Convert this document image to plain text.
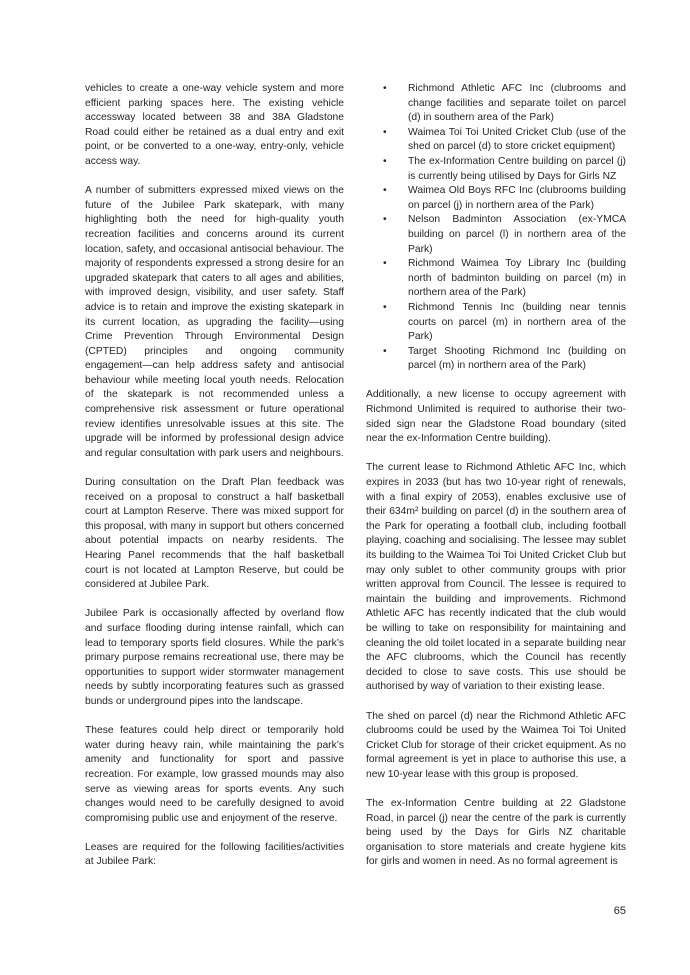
vehicles to create a one-way vehicle system and more efficient parking spaces here. The existing vehicle accessway located between 38 and 38A Gladstone Road could either be retained as a dual entry and exit point, or be converted to a one-way, entry-only, vehicle access way.

A number of submitters expressed mixed views on the future of the Jubilee Park skatepark, with many highlighting both the need for high-quality youth recreation facilities and concerns around its current location, safety, and occasional antisocial behaviour. The majority of respondents expressed a strong desire for an upgraded skatepark that caters to all ages and abilities, with improved design, visibility, and user safety. Staff advice is to retain and improve the existing skatepark in its current location, as upgrading the facility—using Crime Prevention Through Environmental Design (CPTED) principles and ongoing community engagement—can help address safety and antisocial behaviour while meeting local youth needs. Relocation of the skatepark is not recommended unless a comprehensive risk assessment or future operational review identifies unresolvable issues at this site. The upgrade will be informed by professional design advice and regular consultation with park users and neighbours.

During consultation on the Draft Plan feedback was received on a proposal to construct a half basketball court at Lampton Reserve. There was mixed support for this proposal, with many in support but others concerned about potential impacts on nearby residents. The Hearing Panel recommends that the half basketball court is not located at Lampton Reserve, but could be considered at Jubilee Park.

Jubilee Park is occasionally affected by overland flow and surface flooding during intense rainfall, which can lead to temporary sports field closures. While the park’s primary purpose remains recreational use, there may be opportunities to support wider stormwater management needs by subtly incorporating features such as grassed bunds or underground pipes into the landscape.

These features could help direct or temporarily hold water during heavy rain, while maintaining the park’s amenity and functionality for sport and passive recreation. For example, low grassed mounds may also serve as viewing areas for sports events. Any such changes would need to be carefully designed to avoid compromising public use and enjoyment of the reserve.

Leases are required for the following facilities/activities at Jubilee Park:

• Richmond Athletic AFC Inc (clubrooms and change facilities and separate toilet on parcel (d) in southern area of the Park)
• Waimea Toi Toi United Cricket Club (use of the shed on parcel (d) to store cricket equipment)
• The ex-Information Centre building on parcel (j) is currently being utilised by Days for Girls NZ
• Waimea Old Boys RFC Inc (clubrooms building on parcel (j) in northern area of the Park)
• Nelson Badminton Association (ex-YMCA building on parcel (l) in northern area of the Park)
• Richmond Waimea Toy Library Inc (building north of badminton building on parcel (m) in northern area of the Park)
• Richmond Tennis Inc (building near tennis courts on parcel (m) in northern area of the Park)
• Target Shooting Richmond Inc (building on parcel (m) in northern area of the Park)

Additionally, a new license to occupy agreement with Richmond Unlimited is required to authorise their two-sided sign near the Gladstone Road boundary (sited near the ex-Information Centre building).

The current lease to Richmond Athletic AFC Inc, which expires in 2033 (but has two 10-year right of renewals, with a final expiry of 2053), enables exclusive use of their 634m² building on parcel (d) in the southern area of the Park for operating a football club, including football playing, coaching and socialising. The lessee may sublet its building to the Waimea Toi Toi United Cricket Club but may only sublet to other community groups with prior written approval from Council. The lessee is required to maintain the building and improvements. Richmond Athletic AFC has recently indicated that the club would be willing to take on responsibility for maintaining and cleaning the old toilet located in a separate building near the AFC clubrooms, which the Council has recently decided to close to save costs. This use should be authorised by way of variation to their existing lease.

The shed on parcel (d) near the Richmond Athletic AFC clubrooms could be used by the Waimea Toi Toi United Cricket Club for storage of their cricket equipment. As no formal agreement is yet in place to authorise this use, a new 10-year lease with this group is proposed.

The ex-Information Centre building at 22 Gladstone Road, in parcel (j) near the centre of the park is currently being used by the Days for Girls NZ charitable organisation to store materials and create hygiene kits for girls and women in need. As no formal agreement is

65
